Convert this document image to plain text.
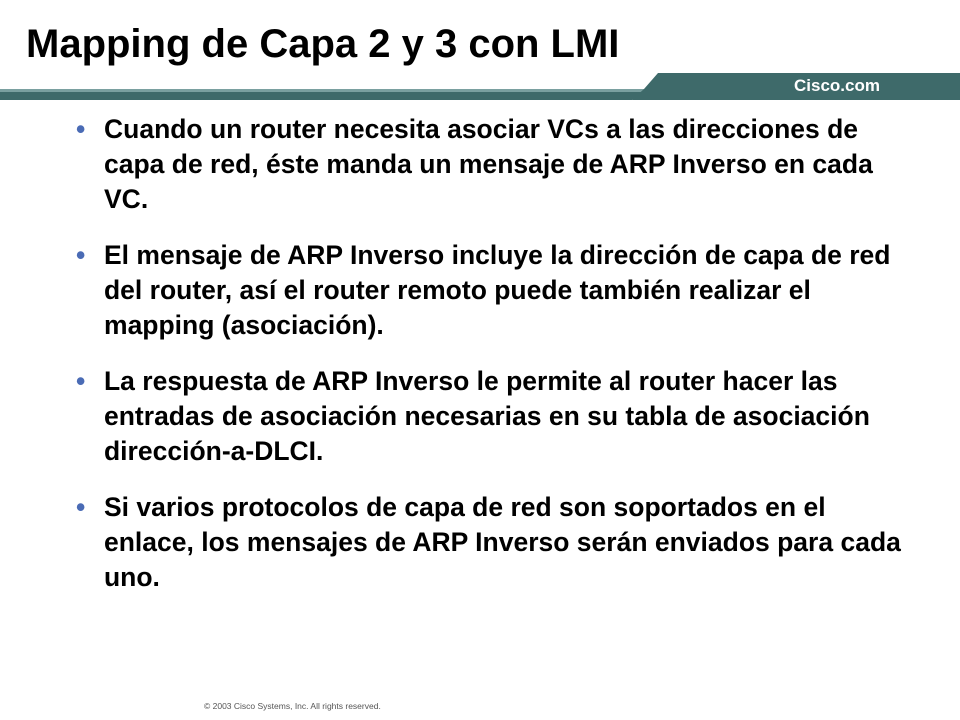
Mapping de Capa 2 y 3 con LMI
Cisco.com
• Cuando un router necesita asociar VCs a las direcciones de capa de red, éste manda un mensaje de ARP Inverso en cada VC.
• El mensaje de ARP Inverso incluye la dirección de capa de red del router, así el router remoto puede también realizar el mapping (asociación).
• La respuesta de ARP Inverso le permite al router hacer las entradas de asociación necesarias en su tabla de asociación dirección-a-DLCI.
• Si varios protocolos de capa de red son soportados en el enlace, los mensajes de ARP Inverso serán enviados para cada uno.
© 2003 Cisco Systems, Inc. All rights reserved.
